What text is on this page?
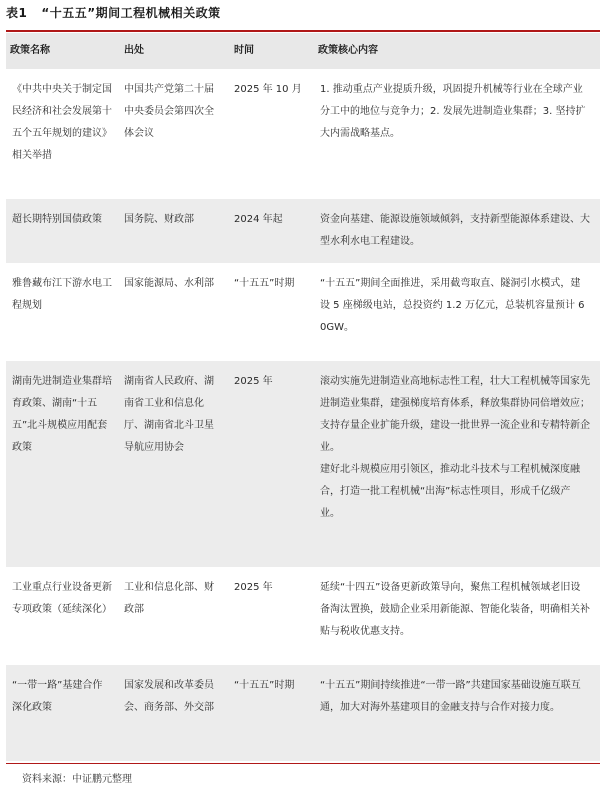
表1 “十五五”期间工程机械相关政策
政策名称	出处	时间	政策核心内容

《中共中央关于制定国民经济和社会发展第十五个五年规划的建议》相关举措	中国共产党第二十届中央委员会第四次全体会议	2025 年 10 月	1. 推动重点产业提质升级，巩固提升机械等行业在全球产业分工中的地位与竞争力；2. 发展先进制造业集群；3. 坚持扩大内需战略基点。

超长期特别国债政策	国务院、财政部	2024 年起	资金向基建、能源设施领域倾斜，支持新型能源体系建设、大型水利水电工程建设。

雅鲁藏布江下游水电工程规划	国家能源局、水利部	“十五五”时期	“十五五”期间全面推进，采用截弯取直、隧洞引水模式，建设 5 座梯级电站，总投资约 1.2 万亿元，总装机容量预计 60GW。

湖南先进制造业集群培育政策、湖南“十五五”北斗规模应用配套政策	湖南省人民政府、湖南省工业和信息化厅、湖南省北斗卫星导航应用协会	2025 年	滚动实施先进制造业高地标志性工程，壮大工程机械等国家先进制造业集群，建强梯度培育体系，释放集群协同倍增效应；支持存量企业扩能升级，建设一批世界一流企业和专精特新企业。
建好北斗规模应用引领区，推动北斗技术与工程机械深度融合，打造一批工程机械“出海”标志性项目，形成千亿级产业。

工业重点行业设备更新专项政策（延续深化）	工业和信息化部、财政部	2025 年	延续“十四五”设备更新政策导向，聚焦工程机械领域老旧设备淘汰置换，鼓励企业采用新能源、智能化装备，明确相关补贴与税收优惠支持。

“一带一路”基建合作深化政策	国家发展和改革委员会、商务部、外交部	“十五五”时期	“十五五”期间持续推进“一带一路”共建国家基础设施互联互通，加大对海外基建项目的金融支持与合作对接力度。
资料来源：中证鹏元整理
